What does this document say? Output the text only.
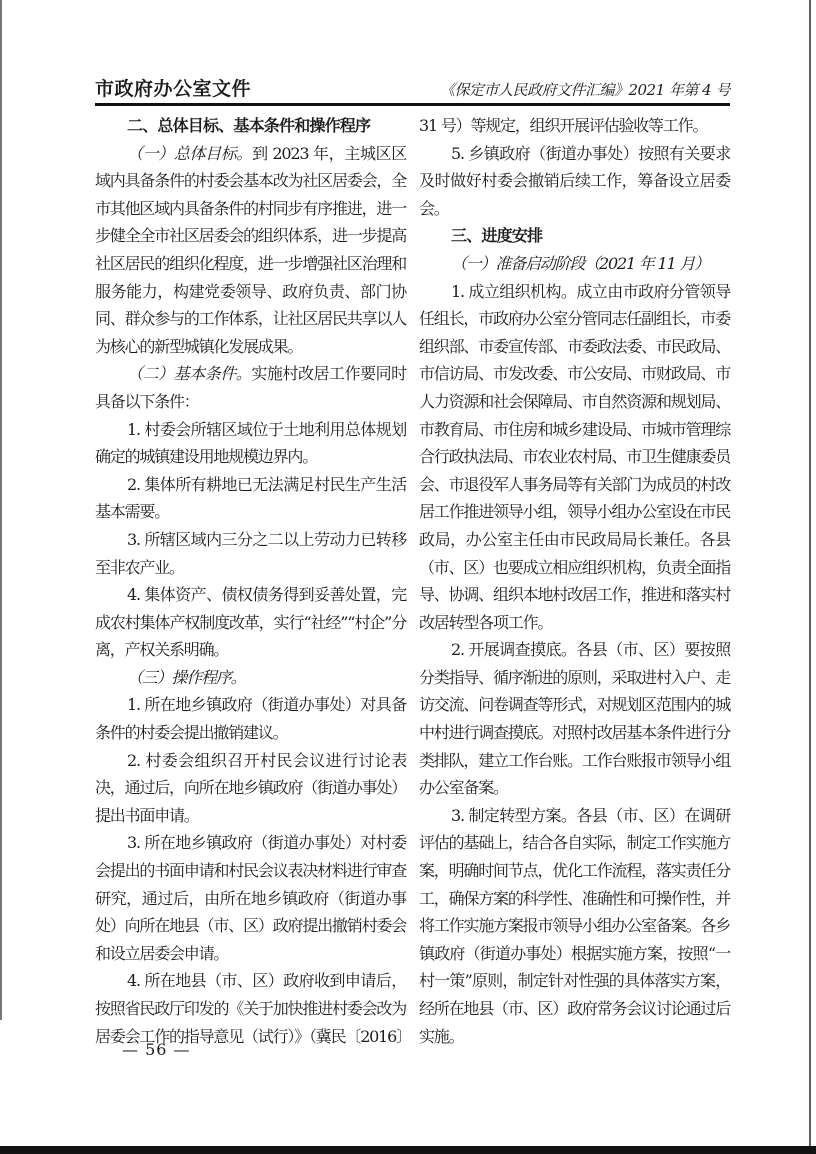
市政府办公室文件	《保定市人民政府文件汇编》2021 年第 4 号

二、总体目标、基本条件和操作程序

（一）总体目标。到 2023 年，主城区区域内具备条件的村委会基本改为社区居委会，全市其他区域内具备条件的村同步有序推进，进一步健全全市社区居委会的组织体系，进一步提高社区居民的组织化程度，进一步增强社区治理和服务能力，构建党委领导、政府负责、部门协同、群众参与的工作体系，让社区居民共享以人为核心的新型城镇化发展成果。

（二）基本条件。实施村改居工作要同时具备以下条件：

1. 村委会所辖区域位于土地利用总体规划确定的城镇建设用地规模边界内。

2. 集体所有耕地已无法满足村民生产生活基本需要。

3. 所辖区域内三分之二以上劳动力已转移至非农产业。

4. 集体资产、债权债务得到妥善处置，完成农村集体产权制度改革，实行“社经”“村企”分离，产权关系明确。

（三）操作程序。

1. 所在地乡镇政府（街道办事处）对具备条件的村委会提出撤销建议。

2. 村委会组织召开村民会议进行讨论表决，通过后，向所在地乡镇政府（街道办事处）提出书面申请。

3. 所在地乡镇政府（街道办事处）对村委会提出的书面申请和村民会议表决材料进行审查研究，通过后，由所在地乡镇政府（街道办事处）向所在地县（市、区）政府提出撤销村委会和设立居委会申请。

4. 所在地县（市、区）政府收到申请后，按照省民政厅印发的《关于加快推进村委会改为居委会工作的指导意见（试行）》（冀民〔2016〕

31 号）等规定，组织开展评估验收等工作。

5. 乡镇政府（街道办事处）按照有关要求及时做好村委会撤销后续工作，筹备设立居委会。

三、进度安排

（一）准备启动阶段（2021 年 11 月）

1. 成立组织机构。成立由市政府分管领导任组长，市政府办公室分管同志任副组长，市委组织部、市委宣传部、市委政法委、市民政局、市信访局、市发改委、市公安局、市财政局、市人力资源和社会保障局、市自然资源和规划局、市教育局、市住房和城乡建设局、市城市管理综合行政执法局、市农业农村局、市卫生健康委员会、市退役军人事务局等有关部门为成员的村改居工作推进领导小组，领导小组办公室设在市民政局，办公室主任由市民政局局长兼任。各县（市、区）也要成立相应组织机构，负责全面指导、协调、组织本地村改居工作，推进和落实村改居转型各项工作。

2. 开展调查摸底。各县（市、区）要按照分类指导、循序渐进的原则，采取进村入户、走访交流、问卷调查等形式，对规划区范围内的城中村进行调查摸底。对照村改居基本条件进行分类排队，建立工作台账。工作台账报市领导小组办公室备案。

3. 制定转型方案。各县（市、区）在调研评估的基础上，结合各自实际，制定工作实施方案，明确时间节点，优化工作流程，落实责任分工，确保方案的科学性、准确性和可操作性，并将工作实施方案报市领导小组办公室备案。各乡镇政府（街道办事处）根据实施方案，按照“一村一策”原则，制定针对性强的具体落实方案，经所在地县（市、区）政府常务会议讨论通过后实施。

— 56 —
